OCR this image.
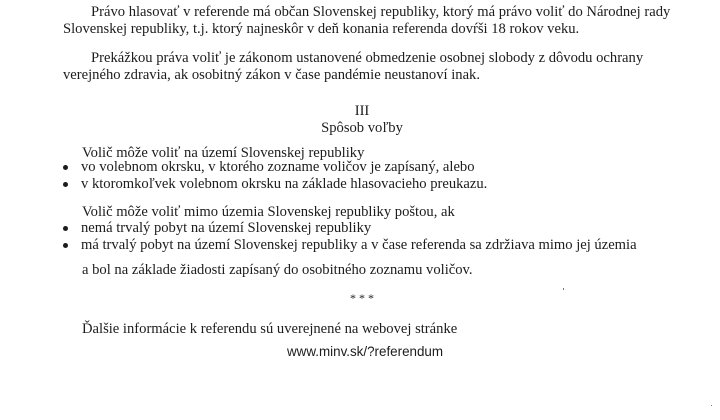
Právo hlasovať v referende má občan Slovenskej republiky, ktorý má právo voliť do Národnej rady
Slovenskej republiky, t.j. ktorý najneskôr v deň konania referenda dovŕši 18 rokov veku.
Prekážkou práva voliť je zákonom ustanovené obmedzenie osobnej slobody z dôvodu ochrany
verejného zdravia, ak osobitný zákon v čase pandémie neustanoví inak.
III
Spôsob voľby
Volič môže voliť na území Slovenskej republiky
vo volebnom okrsku, v ktorého zozname voličov je zapísaný, alebo
v ktoromkoľvek volebnom okrsku na základe hlasovacieho preukazu.
Volič môže voliť mimo územia Slovenskej republiky poštou, ak
nemá trvalý pobyt na území Slovenskej republiky
má trvalý pobyt na území Slovenskej republiky a v čase referenda sa zdržiava mimo jej územia
a bol na základe žiadosti zapísaný do osobitného zoznamu voličov.
* * *
Ďalšie informácie k referendu sú uverejnené na webovej stránke
www.minv.sk/?referendum
